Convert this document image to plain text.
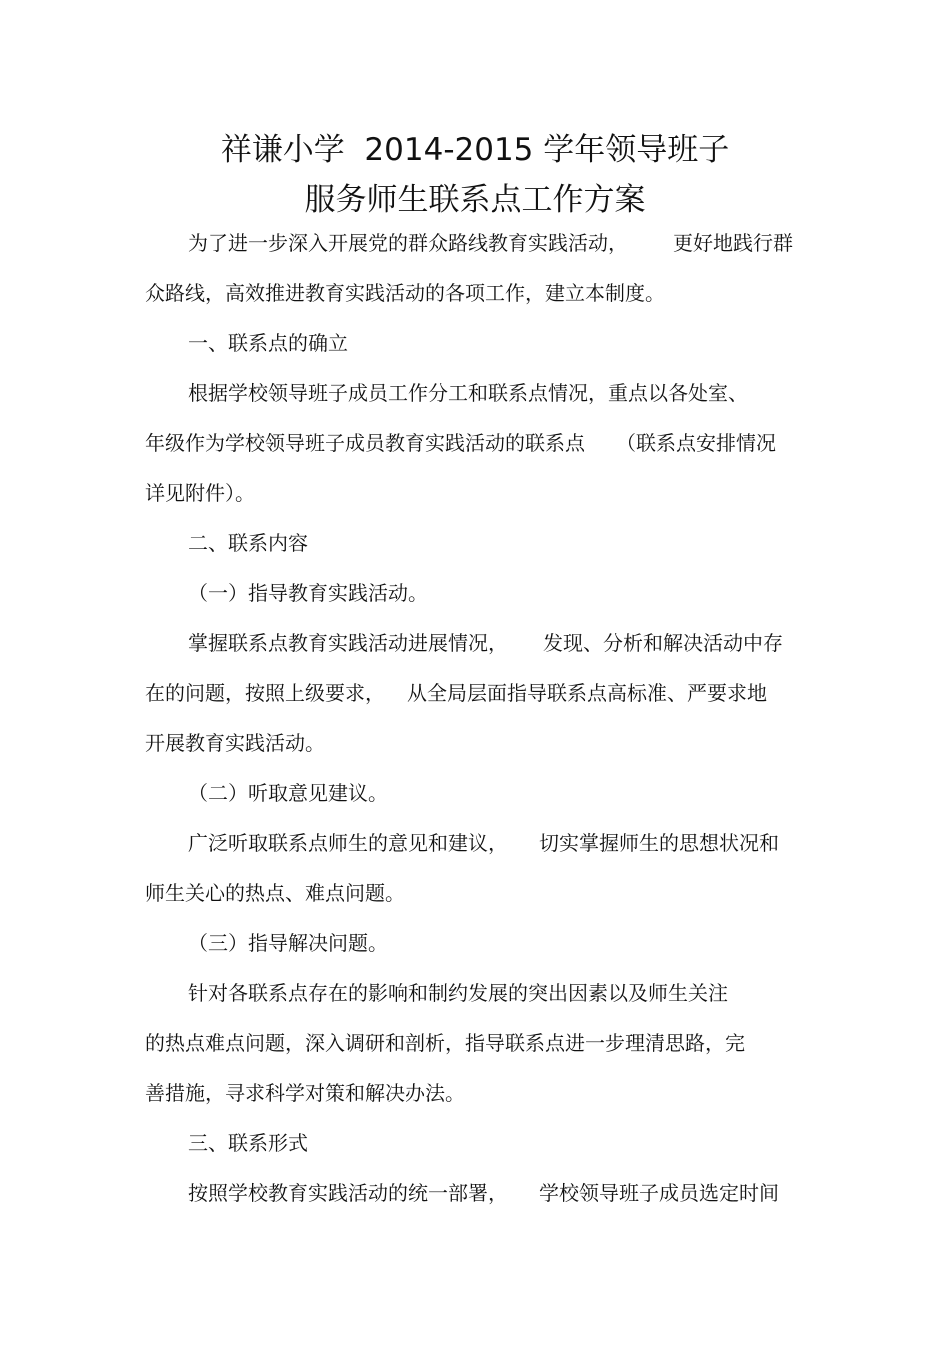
祥谦小学  2014-2015 学年领导班子
服务师生联系点工作方案
为了进一步深入开展党的群众路线教育实践活动， 更好地践行群
众路线，高效推进教育实践活动的各项工作，建立本制度。
一、联系点的确立
根据学校领导班子成员工作分工和联系点情况，重点以各处室、
年级作为学校领导班子成员教育实践活动的联系点 （联系点安排情况
详见附件）。
二、联系内容
（一）指导教育实践活动。
掌握联系点教育实践活动进展情况， 发现、分析和解决活动中存
在的问题，按照上级要求， 从全局层面指导联系点高标准、严要求地
开展教育实践活动。
（二）听取意见建议。
广泛听取联系点师生的意见和建议， 切实掌握师生的思想状况和
师生关心的热点、难点问题。
（三）指导解决问题。
针对各联系点存在的影响和制约发展的突出因素以及师生关注
的热点难点问题，深入调研和剖析，指导联系点进一步理清思路，完
善措施，寻求科学对策和解决办法。
三、联系形式
按照学校教育实践活动的统一部署， 学校领导班子成员选定时间
